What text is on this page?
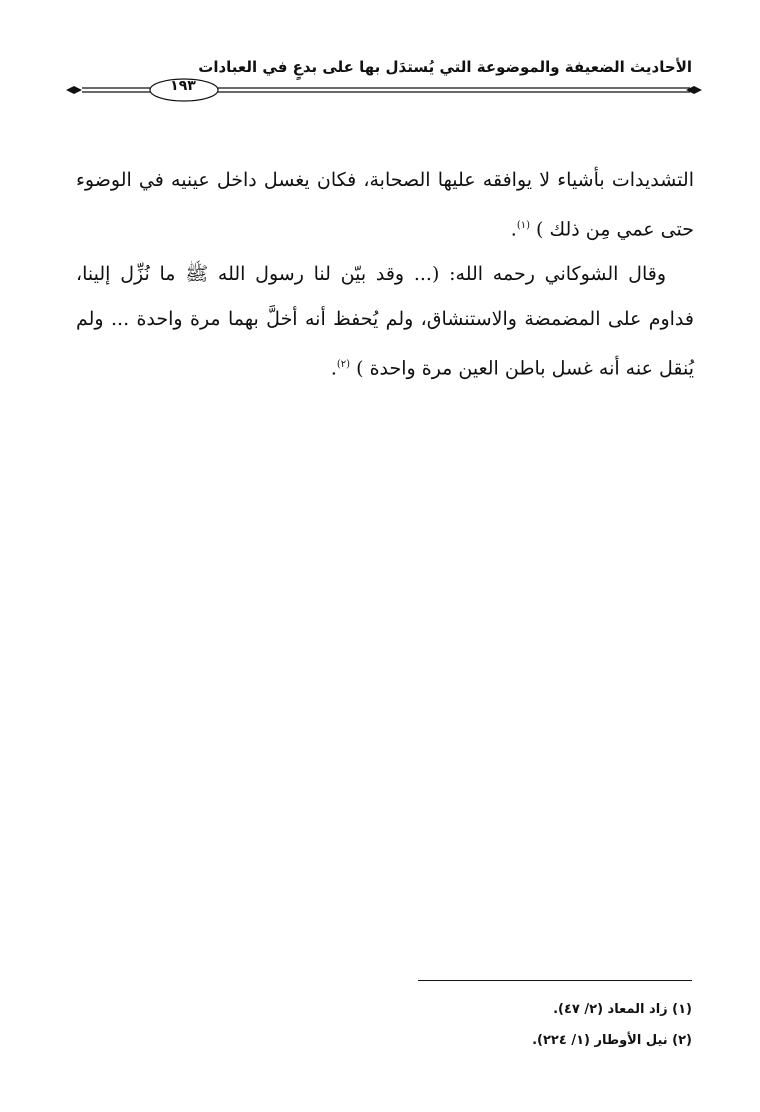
الأحاديث الضعيفة والموضوعة التي يُستدَل بها على بدعٍ في العبادات
١٩٣

التشديدات بأشياء لا يوافقه عليها الصحابة، فكان يغسل داخل عينيه في الوضوء حتى عمي مِن ذلك ) $^{(١)}$.

وقال الشوكاني رحمه الله: (... وقد بيّن لنا رسول الله ﷺ ما نُزِّل إلينا، فداوم على المضمضة والاستنشاق، ولم يُحفظ أنه أخلَّ بهما مرة واحدة ... ولم يُنقل عنه أنه غسل باطن العين مرة واحدة ) $^{(٢)}$.

(١) زاد المعاد (٢/ ٤٧).
(٢) نيل الأوطار (١/ ٢٢٤).
